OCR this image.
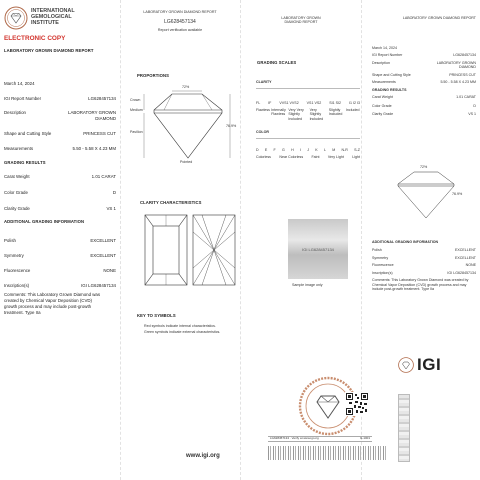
INTERNATIONAL
GEMOLOGICAL
INSTITUTE
ELECTRONIC COPY
LABORATORY GROWN DIAMOND REPORT
March 14, 2024
IGI Report Number	LG628457134
Description	LABORATORY GROWN DIAMOND
Shape and Cutting Style	PRINCESS CUT
Measurements	5.50 - 5.58 X 4.23 MM
GRADING RESULTS
Carat Weight	1.01 CARAT
Color Grade	D
Clarity Grade	VS 1
ADDITIONAL GRADING INFORMATION
Polish	EXCELLENT
Symmetry	EXCELLENT
Fluorescence	NONE
Inscription(s)	IGI LG628457134
Comments: This Laboratory Grown Diamond was created by Chemical Vapor Deposition (CVD) growth process and may include post-growth treatment. Type IIa
LABORATORY GROWN DIAMOND REPORT
LG628457134
Report verification available
PROPORTIONS
72%
76.9%
Crown
Medium
Pavilion
Pointed
CLARITY CHARACTERISTICS
KEY TO SYMBOLS
Red symbols indicate internal characteristics.
Green symbols indicate external characteristics.
www.igi.org
LABORATORY GROWN
DIAMOND REPORT
GRADING SCALES
CLARITY
FL IF VVS1 VVS2 VS1 VS2 SI1 SI2 I1 I2 I3
Flawless Internally Flawless
Very Very Slightly Included
Very Slightly Included
Slightly Included
Included
COLOR
D E F G H I J K L M N-R S-Z
Colorless Near Colorless Faint Very Light Light
IGI LG628457134
Sample image only
LG628457134 · Verify at www.igi.org	G-1001
LABORATORY GROWN DIAMOND REPORT
March 14, 2024
IGI Report Number	LG628457134
Description	LABORATORY GROWN DIAMOND
Shape and Cutting Style	PRINCESS CUT
Measurements	5.50 - 5.58 X 4.23 MM
GRADING RESULTS
Carat Weight	1.01 CARAT
Color Grade	D
Clarity Grade	VS 1
72%
76.9%
ADDITIONAL GRADING INFORMATION
Polish	EXCELLENT
Symmetry	EXCELLENT
Fluorescence	NONE
Inscription(s)	IGI LG628457134
Comments: This Laboratory Grown Diamond was created by Chemical Vapor Deposition (CVD) growth process and may include post-growth treatment. Type IIa
IGI
